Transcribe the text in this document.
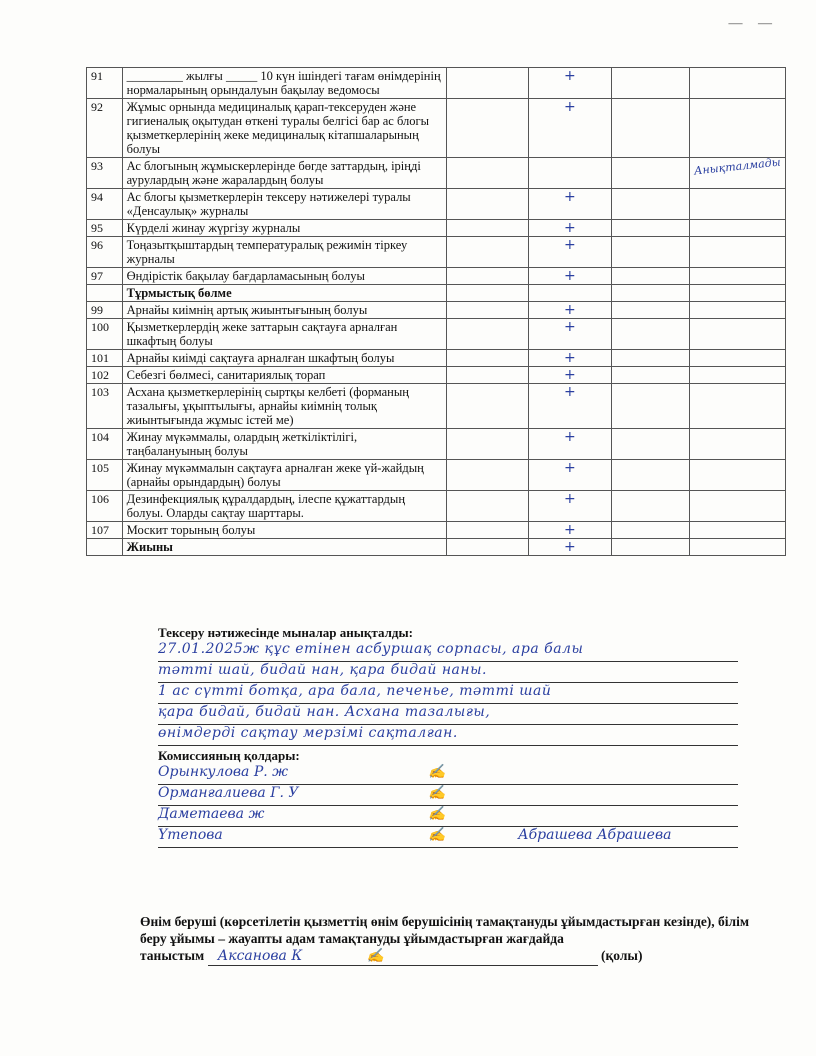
— —
91	_________ жылғы _____ 10 күн ішіндегі тағам өнімдерінің нормаларының орындалуын бақылау ведомосы		+		
92	Жұмыс орнында медициналық қарап-тексеруден және гигиеналық оқытудан өткені туралы белгісі бар ас блогы қызметкерлерінің жеке медициналық кітапшаларының болуы		+		
93	Ас блогының жұмыскерлерінде бөгде заттардың, іріңді аурулардың және жаралардың болуы				Анықталмады
94	Ас блогы қызметкерлерін тексеру нәтижелері туралы «Денсаулық» журналы		+		
95	Күрделі жинау жүргізу журналы		+		
96	Тоңазытқыштардың температуралық режимін тіркеу журналы		+		
97	Өндірістік бақылау бағдарламасының болуы		+		
	Тұрмыстық бөлме				
99	Арнайы киімнің артық жиынтығының болуы		+		
100	Қызметкерлердің жеке заттарын сақтауға арналған шкафтың болуы		+		
101	Арнайы киімді сақтауға арналған шкафтың болуы		+		
102	Себезгі бөлмесі, санитариялық торап		+		
103	Асхана қызметкерлерінің сыртқы келбеті (форманың тазалығы, ұқыптылығы, арнайы киімнің толық жиынтығында жұмыс істей ме)		+		
104	Жинау мүкәммалы, олардың жеткіліктілігі, таңбалануының болуы		+		
105	Жинау мүкәммалын сақтауға арналған жеке үй-жайдың (арнайы орындардың) болуы		+		
106	Дезинфекциялық құралдардың, ілеспе құжаттардың болуы. Оларды сақтау шарттары.		+		
107	Москит торының болуы		+		
	Жиыны		+		
Тексеру нәтижесінде мыналар анықталды:
27.01.2025ж құс етінен асбуршақ сорпасы, ара балы
тәтті шай, бидай нан, қара бидай наны.
1 ас сүтті ботқа, ара бала, печенье, тәтті шай
қара бидай, бидай нан. Асхана тазалығы,
өнімдерді сақтау мерзімі сақталған.
Комиссияның қолдары:
Орынкулова Р. ж	✍
Орманғалиева Г. У	✍
Даметаева ж	✍
Үтепова	✍	Абрашева Абрашева
Өнім беруші (көрсетілетін қызметтің өнім берушісінің тамақтануды ұйымдастырған кезінде), білім беру ұйымы – жауапты адам тамақтануды ұйымдастырған жағдайда
таныстым Аксанова К	✍	(қолы)
